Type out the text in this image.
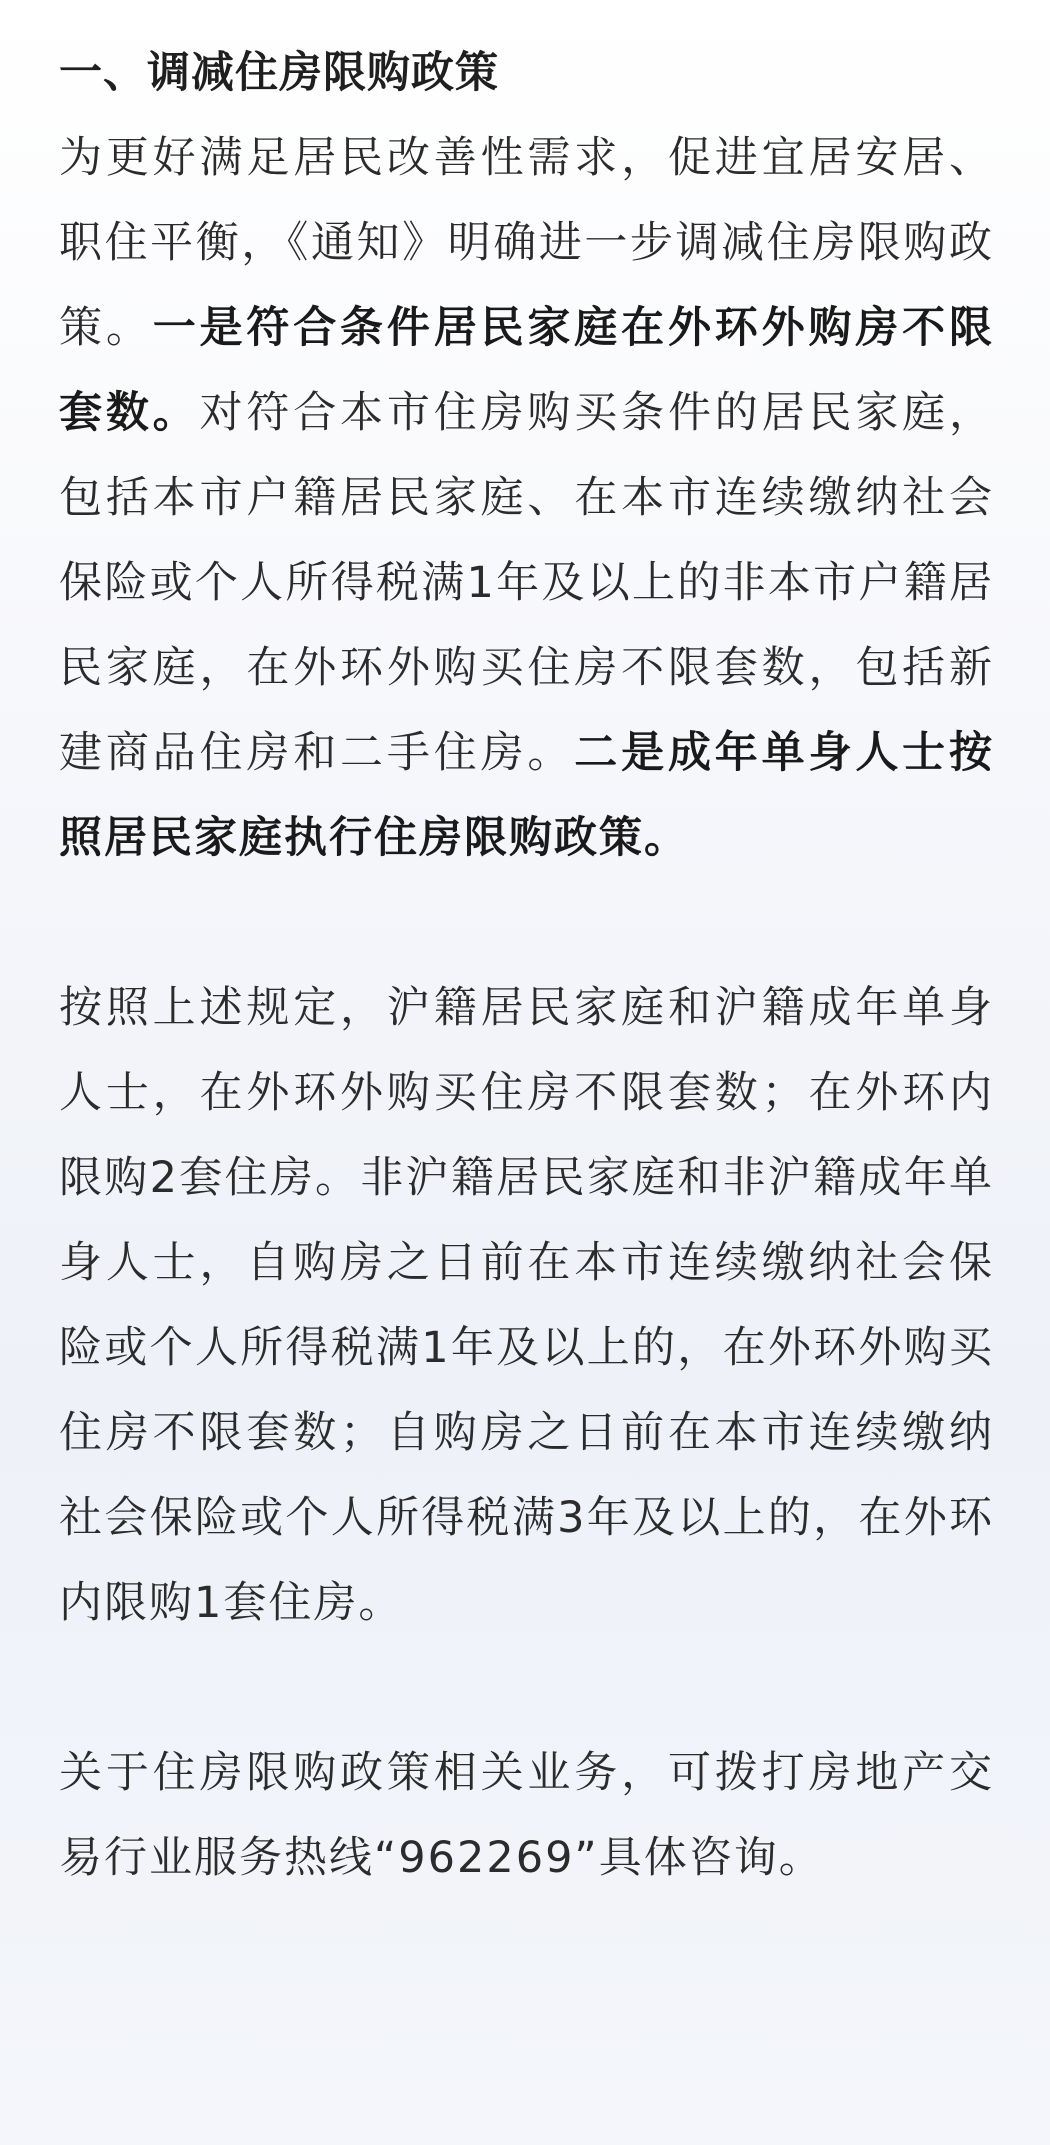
一、调减住房限购政策

为更好满足居民改善性需求，促进宜居安居、职住平衡，《通知》明确进一步调减住房限购政策。一是符合条件居民家庭在外环外购房不限套数。对符合本市住房购买条件的居民家庭，包括本市户籍居民家庭、在本市连续缴纳社会保险或个人所得税满1年及以上的非本市户籍居民家庭，在外环外购买住房不限套数，包括新建商品住房和二手住房。二是成年单身人士按照居民家庭执行住房限购政策。

按照上述规定，沪籍居民家庭和沪籍成年单身人士，在外环外购买住房不限套数；在外环内限购2套住房。非沪籍居民家庭和非沪籍成年单身人士，自购房之日前在本市连续缴纳社会保险或个人所得税满1年及以上的，在外环外购买住房不限套数；自购房之日前在本市连续缴纳社会保险或个人所得税满3年及以上的，在外环内限购1套住房。

关于住房限购政策相关业务，可拨打房地产交易行业服务热线“962269”具体咨询。
